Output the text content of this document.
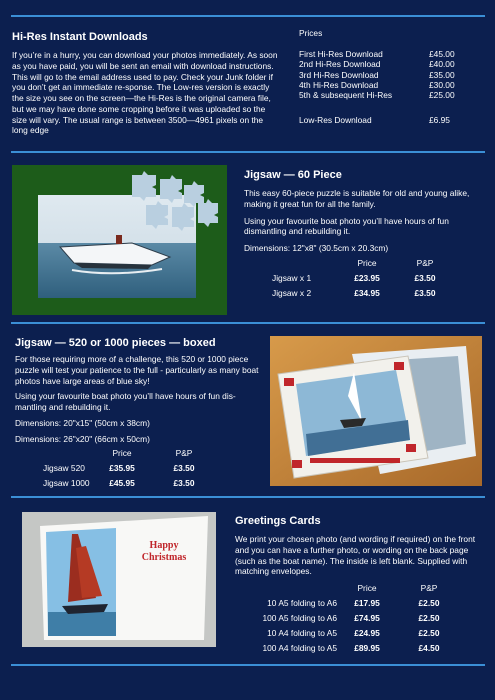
Hi-Res Instant Downloads

If you’re in a hurry, you can download your photos immediately. As soon as you have paid, you will be sent an email with download instructions. This will go to the email address used to pay. Check your Junk folder if you don’t get an immediate re-sponse. The Low-res version is exactly the size you see on the screen—the Hi-Res is the original camera file, but we may have done some cropping before it was uploaded so the size will vary. The usual range is between 3500—4961 pixels on the long edge

Prices
First Hi-Res Download	£45.00
2nd Hi-Res Download	£40.00
3rd Hi-Res Download	£35.00
4th Hi-Res Download	£30.00
5th & subsequent Hi-Res	£25.00
Low-Res Download	£6.95
Jigsaw — 60 Piece

This easy 60-piece puzzle is suitable for old and young alike, making it great fun for all the family.

Using your favourite boat photo you’ll have hours of fun dismantling and rebuilding it.

Dimensions: 12"x8" (30.5cm x 20.3cm)

	Price	P&P
Jigsaw x 1	£23.95	£3.50
Jigsaw x 2	£34.95	£3.50
Jigsaw — 520 or 1000 pieces — boxed

For those requiring more of a challenge, this 520 or 1000 piece puzzle will test your patience to the full - particularly as many boat photos have large areas of blue sky!

Using your favourite boat photo you’ll have hours of fun dis-mantling and rebuilding it.

Dimensions: 20"x15" (50cm x 38cm)

Dimensions: 26"x20" (66cm x 50cm)

	Price	P&P
Jigsaw 520	£35.95	£3.50
Jigsaw 1000	£45.95	£3.50
Happy
Christmas
Greetings Cards

We print your chosen photo (and wording if required) on the front and you can have a further photo, or wording on the back page (such as the boat name). The inside is left blank. Supplied with matching envelopes.

	Price	P&P
10 A5 folding to A6	£17.95	£2.50
100 A5 folding to A6	£74.95	£2.50
10 A4 folding to A5	£24.95	£2.50
100 A4 folding to A5	£89.95	£4.50
